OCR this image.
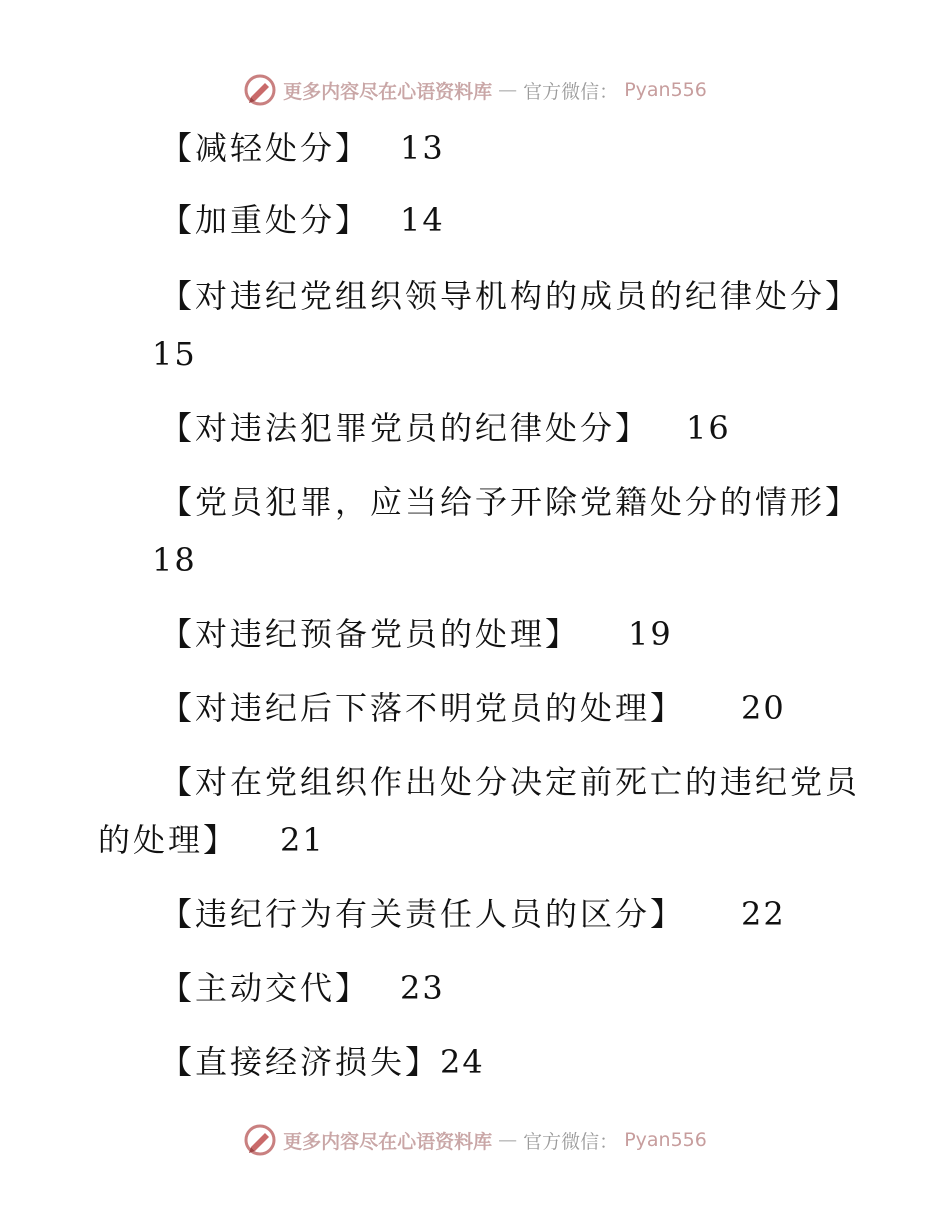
更多内容尽在心语资料库 — 官方微信： Pyan556
【减轻处分】 13
【加重处分】 14
【对违纪党组织领导机构的成员的纪律处分】
15
【对违法犯罪党员的纪律处分】 16
【党员犯罪，应当给予开除党籍处分的情形】
18
【对违纪预备党员的处理】 19
【对违纪后下落不明党员的处理】 20
【对在党组织作出处分决定前死亡的违纪党员
的处理】 21
【违纪行为有关责任人员的区分】 22
【主动交代】 23
【直接经济损失】24
更多内容尽在心语资料库 — 官方微信： Pyan556
